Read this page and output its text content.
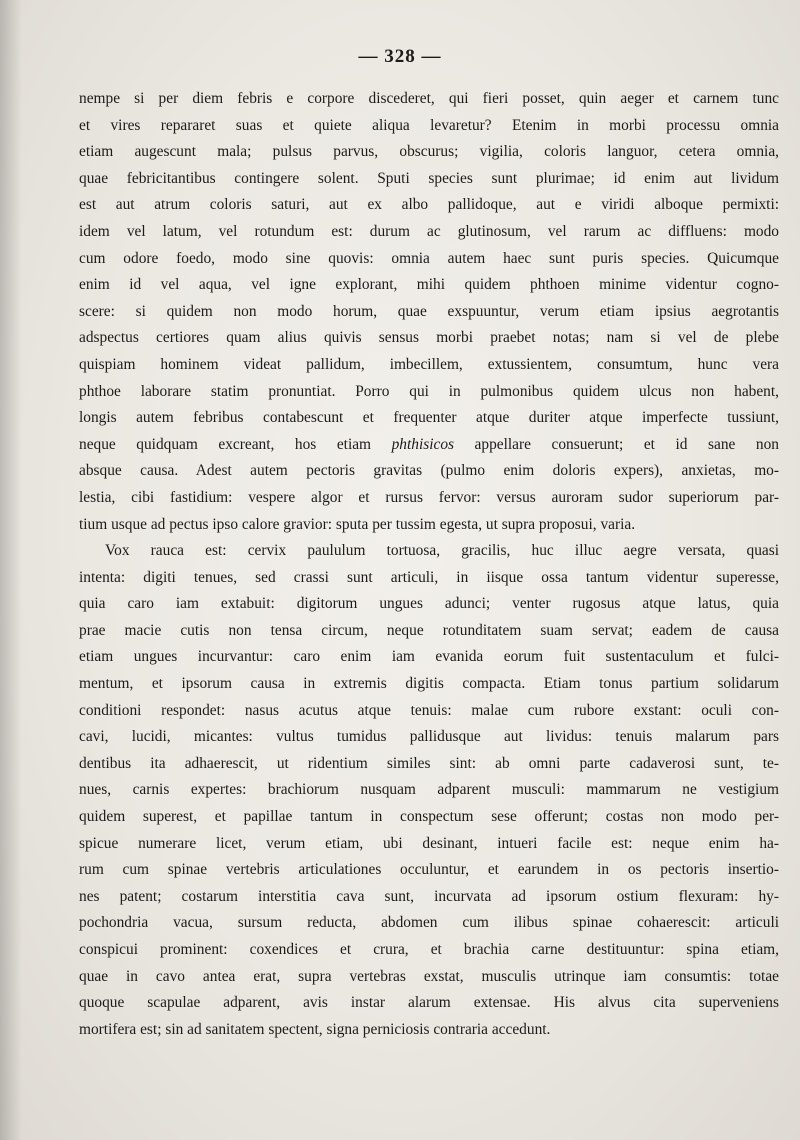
— 328 —
nempe si per diem febris e corpore discederet, qui fieri posset, quin aeger et carnem tunc
et vires repararet suas et quiete aliqua levaretur? Etenim in morbi processu omnia
etiam augescunt mala; pulsus parvus, obscurus; vigilia, coloris languor, cetera omnia,
quae febricitantibus contingere solent. Sputi species sunt plurimae; id enim aut lividum
est aut atrum coloris saturi, aut ex albo pallidoque, aut e viridi alboque permixti:
idem vel latum, vel rotundum est: durum ac glutinosum, vel rarum ac diffluens: modo
cum odore foedo, modo sine quovis: omnia autem haec sunt puris species. Quicumque
enim id vel aqua, vel igne explorant, mihi quidem phthoen minime videntur cogno-
scere: si quidem non modo horum, quae exspuuntur, verum etiam ipsius aegrotantis
adspectus certiores quam alius quivis sensus morbi praebet notas; nam si vel de plebe
quispiam hominem videat pallidum, imbecillem, extussientem, consumtum, hunc vera
phthoe laborare statim pronuntiat. Porro qui in pulmonibus quidem ulcus non habent,
longis autem febribus contabescunt et frequenter atque duriter atque imperfecte tussiunt,
neque quidquam excreant, hos etiam phthisicos appellare consuerunt; et id sane non
absque causa. Adest autem pectoris gravitas (pulmo enim doloris expers), anxietas, mo-
lestia, cibi fastidium: vespere algor et rursus fervor: versus auroram sudor superiorum par-
tium usque ad pectus ipso calore gravior: sputa per tussim egesta, ut supra proposui, varia.
Vox rauca est: cervix paululum tortuosa, gracilis, huc illuc aegre versata, quasi
intenta: digiti tenues, sed crassi sunt articuli, in iisque ossa tantum videntur superesse,
quia caro iam extabuit: digitorum ungues adunci; venter rugosus atque latus, quia
prae macie cutis non tensa circum, neque rotunditatem suam servat; eadem de causa
etiam ungues incurvantur: caro enim iam evanida eorum fuit sustentaculum et fulci-
mentum, et ipsorum causa in extremis digitis compacta. Etiam tonus partium solidarum
conditioni respondet: nasus acutus atque tenuis: malae cum rubore exstant: oculi con-
cavi, lucidi, micantes: vultus tumidus pallidusque aut lividus: tenuis malarum pars
dentibus ita adhaerescit, ut ridentium similes sint: ab omni parte cadaverosi sunt, te-
nues, carnis expertes: brachiorum nusquam adparent musculi: mammarum ne vestigium
quidem superest, et papillae tantum in conspectum sese offerunt; costas non modo per-
spicue numerare licet, verum etiam, ubi desinant, intueri facile est: neque enim ha-
rum cum spinae vertebris articulationes occuluntur, et earundem in os pectoris insertio-
nes patent; costarum interstitia cava sunt, incurvata ad ipsorum ostium flexuram: hy-
pochondria vacua, sursum reducta, abdomen cum ilibus spinae cohaerescit: articuli
conspicui prominent: coxendices et crura, et brachia carne destituuntur: spina etiam,
quae in cavo antea erat, supra vertebras exstat, musculis utrinque iam consumtis: totae
quoque scapulae adparent, avis instar alarum extensae. His alvus cita superveniens
mortifera est; sin ad sanitatem spectent, signa perniciosis contraria accedunt.
